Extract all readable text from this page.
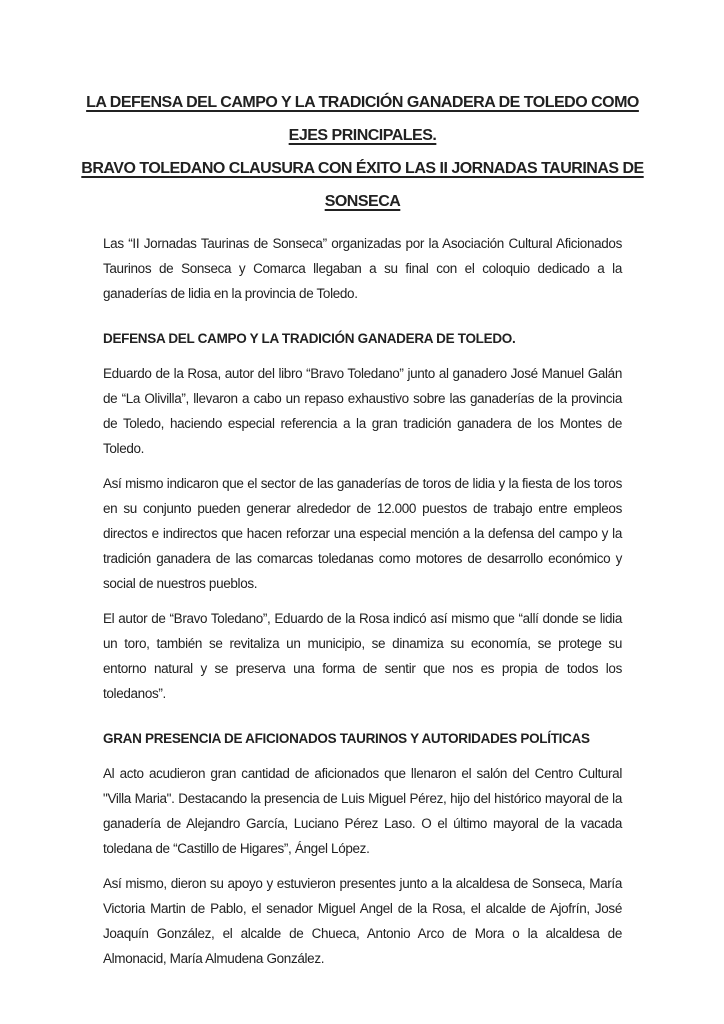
LA DEFENSA DEL CAMPO Y LA TRADICIÓN GANADERA DE TOLEDO COMO
EJES PRINCIPALES.
BRAVO TOLEDANO CLAUSURA CON ÉXITO LAS II JORNADAS TAURINAS DE
SONSECA

Las “II Jornadas Taurinas de Sonseca” organizadas por la Asociación Cultural Aficionados Taurinos de Sonseca y Comarca llegaban a su final con el coloquio dedicado a la ganaderías de lidia en la provincia de Toledo.

DEFENSA DEL CAMPO Y LA TRADICIÓN GANADERA DE TOLEDO.

Eduardo de la Rosa, autor del libro “Bravo Toledano” junto al ganadero José Manuel Galán de “La Olivilla”, llevaron a cabo un repaso exhaustivo sobre las ganaderías de la provincia de Toledo, haciendo especial referencia a la gran tradición ganadera de los Montes de Toledo.

Así mismo indicaron que el sector de las ganaderías de toros de lidia y la fiesta de los toros en su conjunto pueden generar alrededor de 12.000 puestos de trabajo entre empleos directos e indirectos que hacen reforzar una especial mención a la defensa del campo y la tradición ganadera de las comarcas toledanas como motores de desarrollo económico y social de nuestros pueblos.

El autor de “Bravo Toledano”, Eduardo de la Rosa indicó así mismo que “allí donde se lidia un toro, también se revitaliza un municipio, se dinamiza su economía, se protege su entorno natural y se preserva una forma de sentir que nos es propia de todos los toledanos”.

GRAN PRESENCIA DE AFICIONADOS TAURINOS Y AUTORIDADES POLÍTICAS

Al acto acudieron gran cantidad de aficionados que llenaron el salón del Centro Cultural "Villa Maria". Destacando la presencia de Luis Miguel Pérez, hijo del histórico mayoral de la ganadería de Alejandro García, Luciano Pérez Laso. O el último mayoral de la vacada toledana de “Castillo de Higares”, Ángel López.

Así mismo, dieron su apoyo y estuvieron presentes junto a la alcaldesa de Sonseca, María Victoria Martin de Pablo, el senador Miguel Angel de la Rosa, el alcalde de Ajofrín, José Joaquín González, el alcalde de Chueca, Antonio Arco de Mora o la alcaldesa de Almonacid, María Almudena González.
